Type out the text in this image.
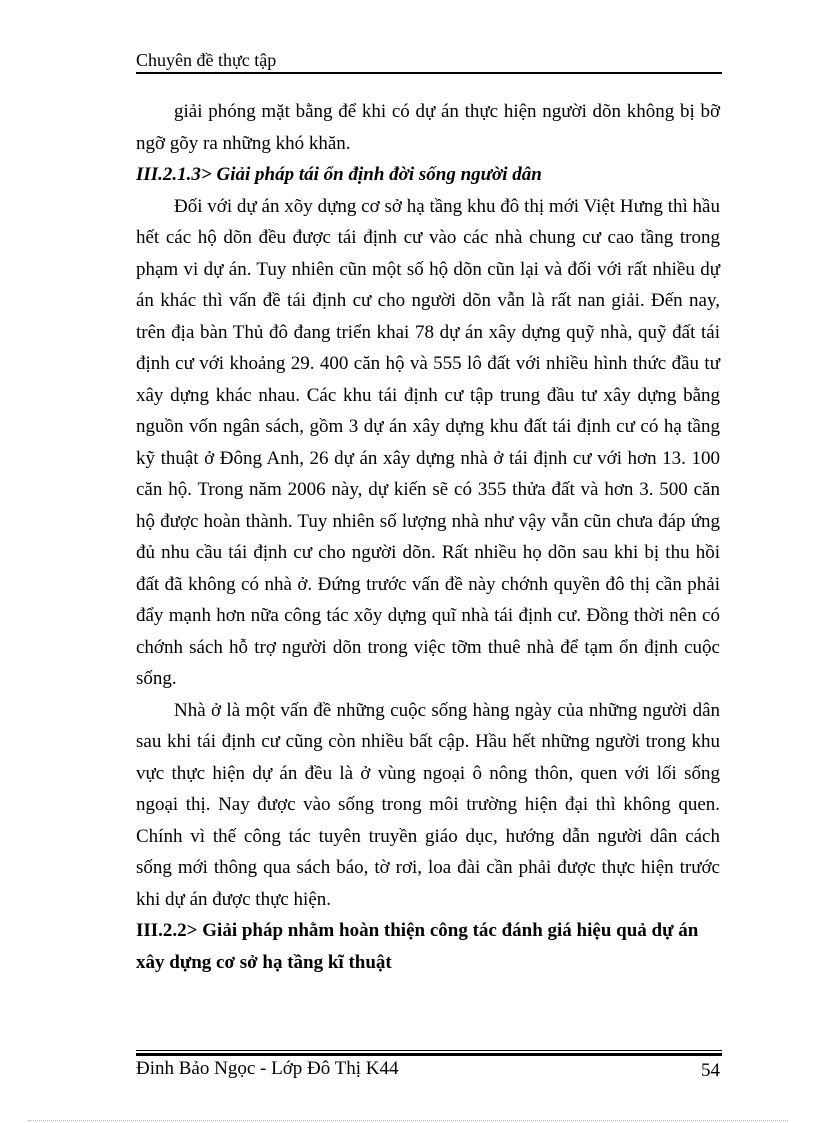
Chuyên đề thực tập

giải phóng mặt bằng để khi có dự án thực hiện người dõn không bị bỡ ngỡ gõy ra những khó khăn.

III.2.1.3> Giải pháp tái ổn định đời sống người dân

Đối với dự án xõy dựng cơ sở hạ tầng khu đô thị mới Việt Hưng thì hầu hết các hộ dõn đều được tái định cư vào các nhà chung cư cao tầng trong phạm vi dự án. Tuy nhiên cũn một số hộ dõn cũn lại và đối với rất nhiều dự án khác thì vấn đề tái định cư cho người dõn vẫn là rất nan giải. Đến nay, trên địa bàn Thủ đô đang triển khai 78 dự án xây dựng quỹ nhà, quỹ đất tái định cư với khoảng 29. 400 căn hộ và 555 lô đất với nhiều hình thức đầu tư xây dựng khác nhau. Các khu tái định cư tập trung đầu tư xây dựng bằng nguồn vốn ngân sách, gồm 3 dự án xây dựng khu đất tái định cư có hạ tầng kỹ thuật ở Đông Anh, 26 dự án xây dựng nhà ở tái định cư với hơn 13. 100 căn hộ. Trong năm 2006 này, dự kiến sẽ có 355 thửa đất và hơn 3. 500 căn hộ được hoàn thành. Tuy nhiên số lượng nhà như vậy vẫn cũn chưa đáp ứng đủ nhu cầu tái định cư cho người dõn. Rất nhiều họ dõn sau khi bị thu hồi đất đã không có nhà ở. Đứng trước vấn đề này chớnh quyền đô thị cần phải đẩy mạnh hơn nữa công tác xõy dựng quĩ nhà tái định cư. Đồng thời nên có chớnh sách hỗ trợ người dõn trong việc tỡm thuê nhà để tạm ổn định cuộc sống.

Nhà ở là một vấn đề những cuộc sống hàng ngày của những người dân sau khi tái định cư cũng còn nhiều bất cập. Hầu hết những người trong khu vực thực hiện dự án đều là ở vùng ngoại ô nông thôn, quen với lối sống ngoại thị. Nay được vào sống trong môi trường hiện đại thì không quen. Chính vì thế công tác tuyên truyền giáo dục, hướng dẫn người dân cách sống mới thông qua sách báo, tờ rơi, loa đài cần phải được thực hiện trước khi dự án được thực hiện.

III.2.2> Giải pháp nhằm hoàn thiện công tác đánh giá hiệu quả dự án xây dựng cơ sở hạ tầng kĩ thuật
Đinh Bảo Ngọc - Lớp Đô Thị K44	54
